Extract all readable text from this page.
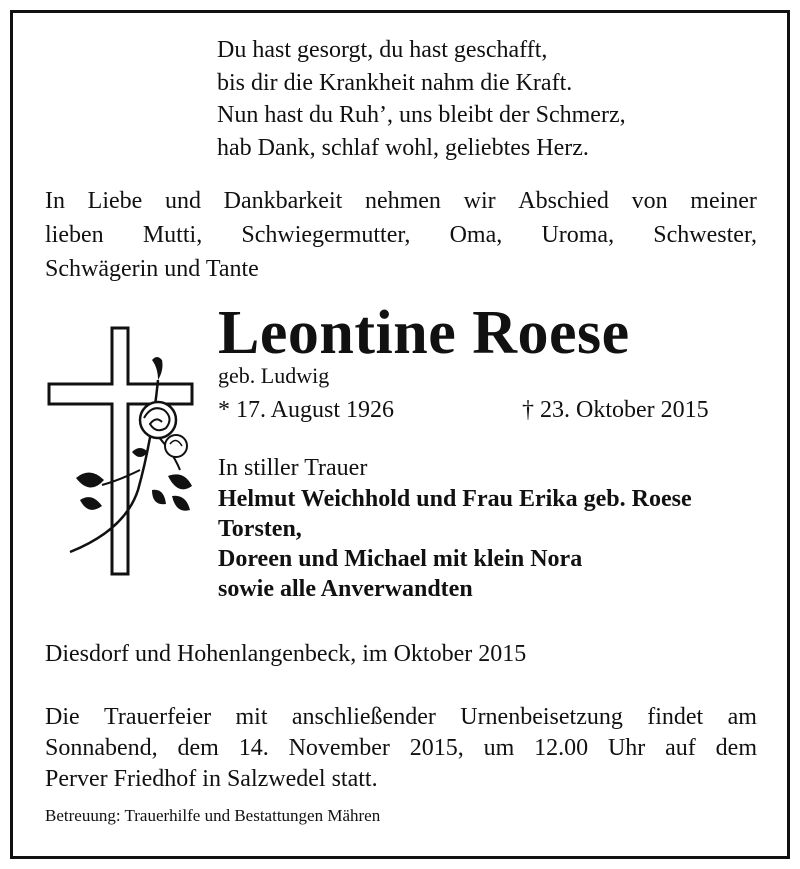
Du hast gesorgt, du hast geschafft,
bis dir die Krankheit nahm die Kraft.
Nun hast du Ruh’, uns bleibt der Schmerz,
hab Dank, schlaf wohl, geliebtes Herz.
In Liebe und Dankbarkeit nehmen wir Abschied von meiner
lieben Mutti, Schwiegermutter, Oma, Uroma, Schwester,
Schwägerin und Tante
Leontine Roese
geb. Ludwig
* 17. August 1926	† 23. Oktober 2015
In stiller Trauer
Helmut Weichhold und Frau Erika geb. Roese
Torsten,
Doreen und Michael mit klein Nora
sowie alle Anverwandten
Diesdorf und Hohenlangenbeck, im Oktober 2015
Die Trauerfeier mit anschließender Urnenbeisetzung findet am
Sonnabend, dem 14. November 2015, um 12.00 Uhr auf dem
Perver Friedhof in Salzwedel statt.
Betreuung: Trauerhilfe und Bestattungen Mähren
